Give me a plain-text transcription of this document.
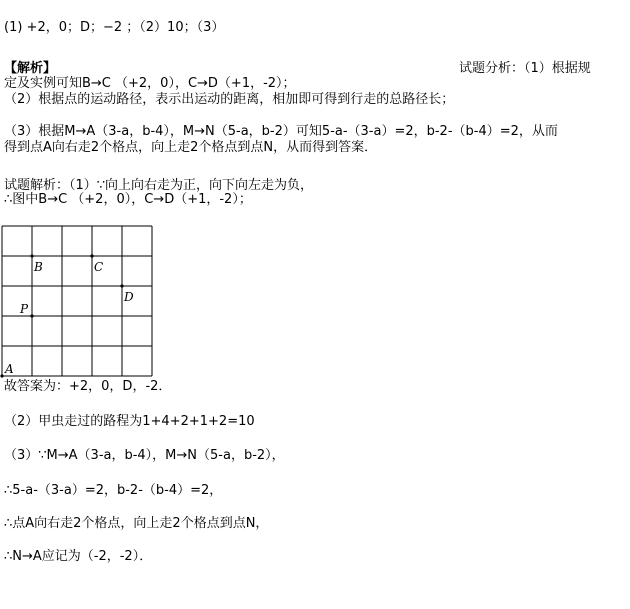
(1) +2，0；D；−2 ；（2）10；（3）
【解析】	试题分析：（1）根据规
定及实例可知B→C （+2，0），C→D（+1，-2）；
（2）根据点的运动路径，表示出运动的距离，相加即可得到行走的总路径长；
（3）根据M→A（3-a，b-4），M→N（5-a，b-2）可知5-a-（3-a）=2，b-2-（b-4）=2，从而
得到点A向右走2个格点，向上走2个格点到点N，从而得到答案．
试题解析：（1）∵向上向右走为正，向下向左走为负，
∴图中B→C （+2，0），C→D（+1，-2）；
A
P
B	C
D
故答案为：+2，0，D，-2．
（2）甲虫走过的路程为1+4+2+1+2=10
（3）∵M→A（3-a，b-4），M→N（5-a，b-2），
∴5-a-（3-a）=2，b-2-（b-4）=2，
∴点A向右走2个格点，向上走2个格点到点N，
∴N→A应记为（-2，-2）．
